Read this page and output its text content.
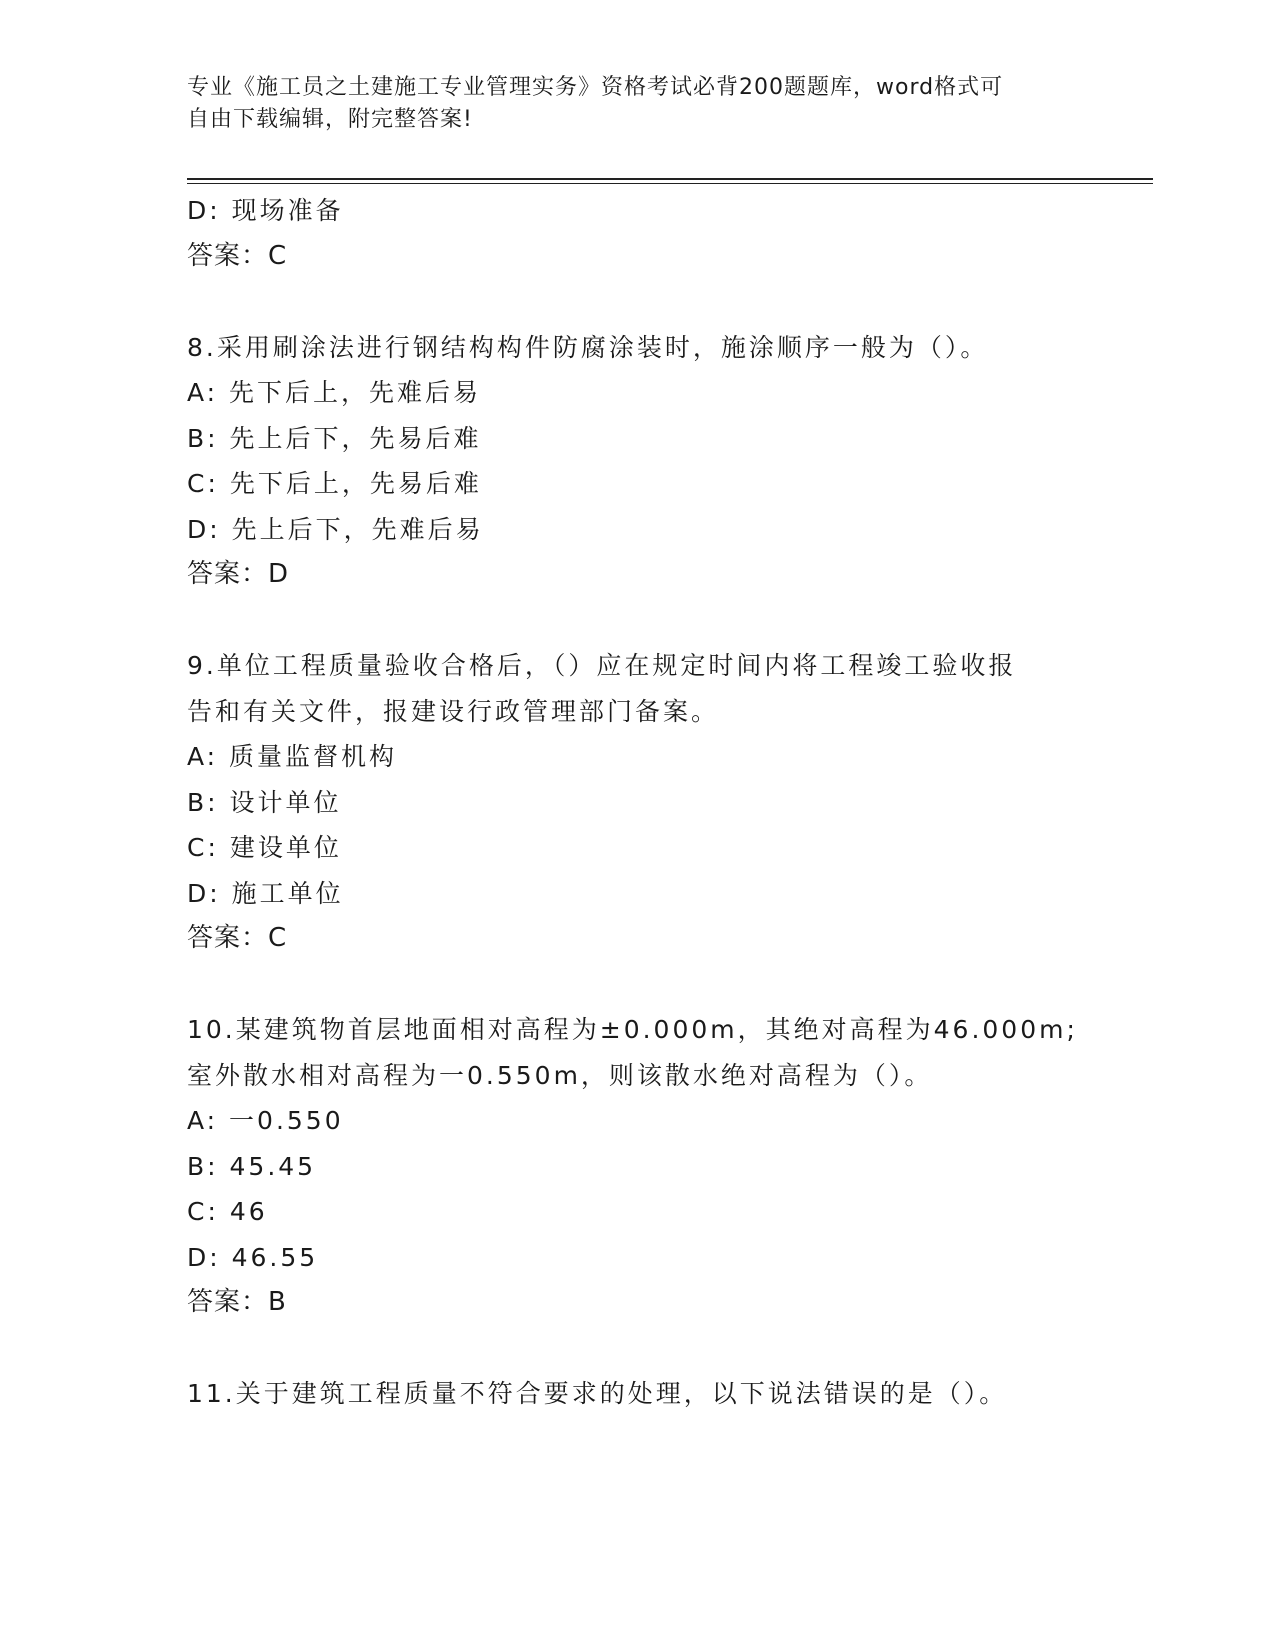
专业《施工员之土建施工专业管理实务》资格考试必背200题题库，word格式可
自由下载编辑，附完整答案!
D: 现场准备
答案：C
8.采用刷涂法进行钢结构构件防腐涂装时，施涂顺序一般为（）。
A: 先下后上，先难后易
B: 先上后下，先易后难
C: 先下后上，先易后难
D: 先上后下，先难后易
答案：D
9.单位工程质量验收合格后，（）应在规定时间内将工程竣工验收报
告和有关文件，报建设行政管理部门备案。
A: 质量监督机构
B: 设计单位
C: 建设单位
D: 施工单位
答案：C
10.某建筑物首层地面相对高程为±0.000m，其绝对高程为46.000m;
室外散水相对高程为一0.550m，则该散水绝对高程为（）。
A: 一0.550
B: 45.45
C: 46
D: 46.55
答案：B
11.关于建筑工程质量不符合要求的处理，以下说法错误的是（）。
